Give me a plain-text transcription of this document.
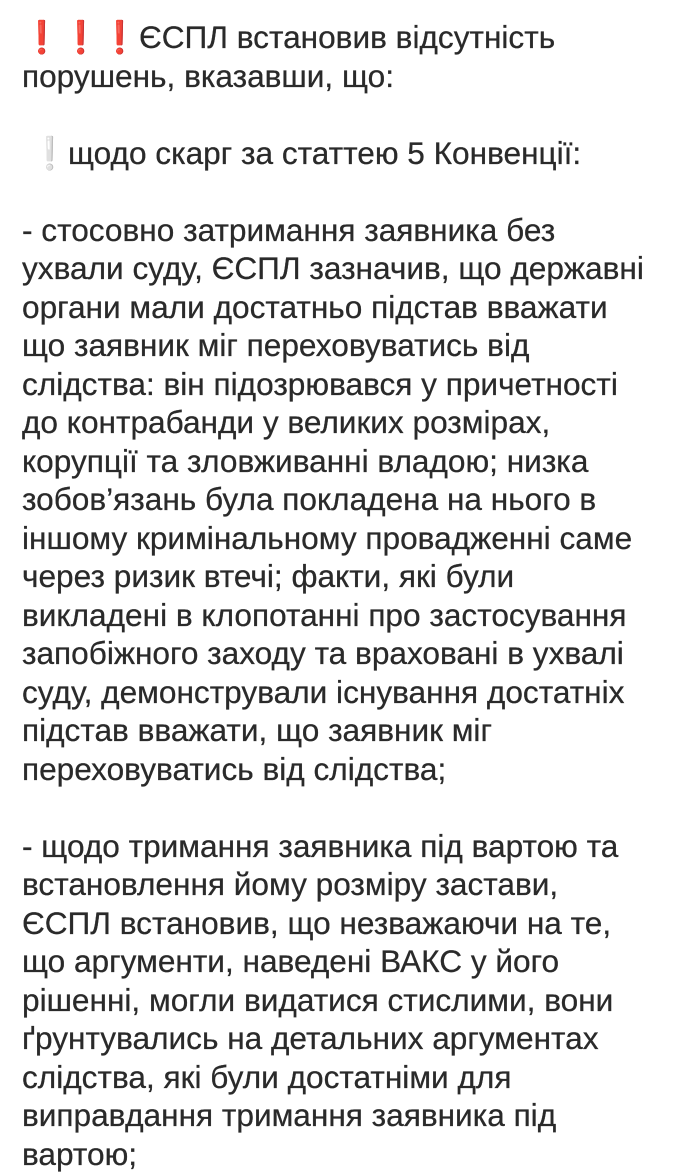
❗❗❗ЄСПЛ встановив відсутність
порушень, вказавши, що:
❕щодо скарг за статтею 5 Конвенції:
- стосовно затримання заявника без
ухвали суду, ЄСПЛ зазначив, що державні
органи мали достатньо підстав вважати
що заявник міг переховуватись від
слідства: він підозрювався у причетності
до контрабанди у великих розмірах,
корупції та зловживанні владою; низка
зобов’язань була покладена на нього в
іншому кримінальному провадженні саме
через ризик втечі; факти, які були
викладені в клопотанні про застосування
запобіжного заходу та враховані в ухвалі
суду, демонстрували існування достатніх
підстав вважати, що заявник міг
переховуватись від слідства;
- щодо тримання заявника під вартою та
встановлення йому розміру застави,
ЄСПЛ встановив, що незважаючи на те,
що аргументи, наведені ВАКС у його
рішенні, могли видатися стислими, вони
ґрунтувались на детальних аргументах
слідства, які були достатніми для
виправдання тримання заявника під
вартою;
